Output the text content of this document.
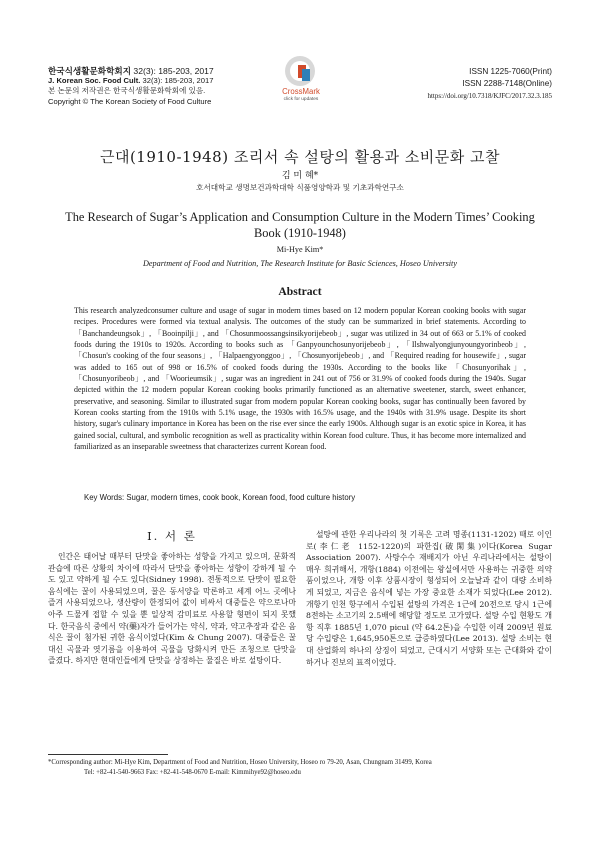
한국식생활문화학회지 32(3): 185-203, 2017
J. Korean Soc. Food Cult. 32(3): 185-203, 2017
본 논문의 저작권은 한국식생활문화학회에 있음.
Copyright © The Korean Society of Food Culture
CrossMark
click for updates
ISSN 1225-7060(Print)
ISSN 2288-7148(Online)
https://doi.org/10.7318/KJFC/2017.32.3.185
근대(1910-1948) 조리서 속 설탕의 활용과 소비문화 고찰
김 미 혜*
호서대학교 생명보건과학대학 식품영양학과 및 기초과학연구소
The Research of Sugar’s Application and Consumption Culture in the Modern Times’ Cooking Book (1910-1948)
Mi-Hye Kim*
Department of Food and Nutrition, The Research Institute for Basic Sciences, Hoseo University
Abstract
This research analyzedconsumer culture and usage of sugar in modern times based on 12 modern popular Korean cooking books with sugar recipes. Procedures were formed via textual analysis. The outcomes of the study can be summarized in brief statements. According to 「Banchandeungsok」, 「Booinpilji」, and 「Chosunmoossangsinsikyorijebeob」, sugar was utilized in 34 out of 663 or 5.1% of cooked foods during the 1910s to 1920s. According to books such as 「Ganpyounchosunyorijebeob」, 「Ilshwalyongjunyoungyorinbeob」, 「Chosun's cooking of the four seasons」, 「Halpaengyonggoo」, 「Chosunyorijebeob」, and 「Required reading for housewife」, sugar was added to 165 out of 998 or 16.5% of cooked foods during the 1930s. According to the books like 「Chosunyorihak」, 「Chosunyoribeob」, and 「Woorieumsik」, sugar was an ingredient in 241 out of 756 or 31.9% of cooked foods during the 1940s. Sugar depicted within the 12 modern popular Korean cooking books primarily functioned as an alternative sweetener, starch, sweet enhancer, preservative, and seasoning. Similar to illustrated sugar from modern popular Korean cooking books, sugar has continually been favored by Korean cooks starting from the 1910s with 5.1% usage, the 1930s with 16.5% usage, and the 1940s with 31.9% usage. Despite its short history, sugar's culinary importance in Korea has been on the rise ever since the early 1900s. Although sugar is an exotic spice in Korea, it has gained social, cultural, and symbolic recognition as well as practicality within Korean food culture. Thus, it has become more internalized and familiarized as an inseparable sweetness that characterizes current Korean food.
Key Words: Sugar, modern times, cook book, Korean food, food culture history
I. 서 론
인간은 태어날 때부터 단맛을 좋아하는 성향을 가지고 있으며, 문화적 관습에 따른 상황의 차이에 따라서 단맛을 좋아하는 성향이 강하게 될 수도 있고 약하게 될 수도 있다(Sidney 1998). 전통적으로 단맛이 필요한 음식에는 꿀이 사용되었으며, 꿀은 동서양을 막론하고 세계 어느 곳에나 즐겨 사용되었으나, 생산량이 한정되어 값이 비싸서 대중들은 약으로나마 아주 드물게 접할 수 있을 뿐 일상적 감미료로 사용할 형편이 되지 못했다. 한국음식 중에서 약(藥)자가 들어가는 약식, 약과, 약고추장과 같은 음식은 꿀이 첨가된 귀한 음식이었다(Kim & Chung 2007). 대중들은 꿀 대신 곡물과 엿기름을 이용하여 곡물을 당화시켜 만든 조청으로 단맛을 즐겼다. 하지만 현대인들에게 단맛을 상징하는 물질은 바로 설탕이다.
설탕에 관한 우리나라의 첫 기록은 고려 명종(1131-1202) 때로 이인로(李仁老 1152-1220)의 파한집(破閑集)이다(Korea Sugar Association 2007). 사탕수수 재배지가 아닌 우리나라에서는 설탕이 매우 희귀해서, 개항(1884) 이전에는 왕실에서만 사용하는 귀중한 의약품이었으나, 개항 이후 상품시장이 형성되어 오늘날과 같이 대량 소비하게 되었고, 지금은 음식에 넣는 가장 중요한 소재가 되었다(Lee 2012). 개항기 인천 항구에서 수입된 설탕의 가격은 1근에 20전으로 당시 1근에 8전하는 소고기의 2.5배에 해당할 정도로 고가였다. 설탕 수입 현황도 개항 직후 1885년 1,070 picul (약 64.2톤)을 수입한 이래 2009년 원료당 수입량은 1,645,950톤으로 급증하였다(Lee 2013). 설탕 소비는 현대 산업화의 하나의 상징이 되었고, 근대시기 서양화 또는 근대화와 같이 하거나 진보의 표적이었다.
*Corresponding author: Mi-Hye Kim, Department of Food and Nutrition, Hoseo University, Hoseo ro 79-20, Asan, Chungnam 31499, Korea
Tel: +82-41-540-9663 Fax: +82-41-548-0670 E-mail: Kimmihye92@hoseo.edu
